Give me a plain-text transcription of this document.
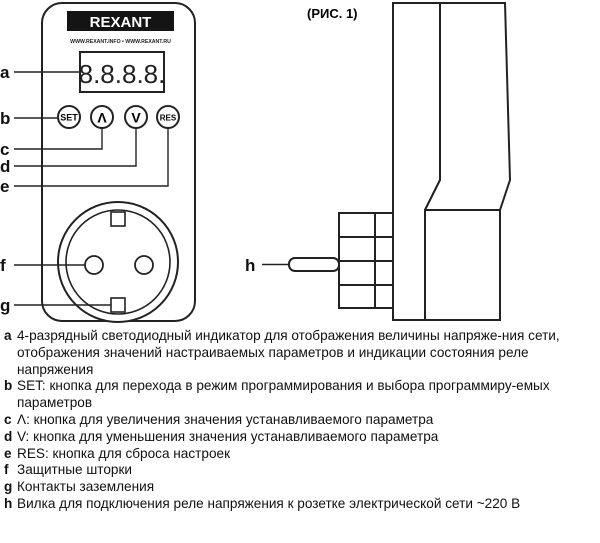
(РИС. 1)
REXANT
WWW.REXANT.INFO • WWW.REXANT.RU
8.8.8.8.
SET Λ V RES
a
b
c
d
e
f
g
h
a 4-разрядный светодиодный индикатор для отображения величины напряже-ния сети, отображения значений настраиваемых параметров и индикации состояния реле напряжения
b SET: кнопка для перехода в режим программирования и выбора программиру-емых параметров
c Λ: кнопка для увеличения значения устанавливаемого параметра
d V: кнопка для уменьшения значения устанавливаемого параметра
e RES: кнопка для сброса настроек
f Защитные шторки
g Контакты заземления
h Вилка для подключения реле напряжения к розетке электрической сети ~220 В
